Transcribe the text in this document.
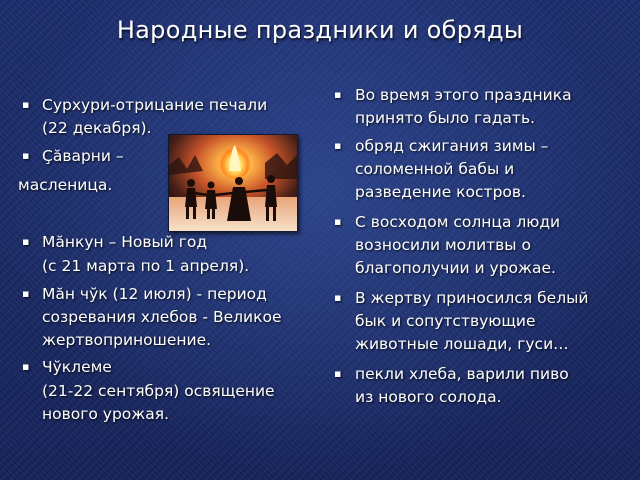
Народные праздники и обряды
▪ Сурхури-отрицание печали
(22 декабря).
▪ Çăварни –
масленица.
▪ Мăнкун – Новый год
(с 21 марта по 1 апреля).
▪ Мăн чўк (12 июля) - период
созревания хлебов - Великое
жертвоприношение.
▪ Чўклеме
(21-22 сентября) освящение
нового урожая.
▪ Во время этого праздника
принято было гадать.
▪ обряд сжигания зимы –
соломенной бабы и
разведение костров.
▪ С восходом солнца люди
возносили молитвы о
благополучии и урожае.
▪ В жертву приносился белый
бык и сопутствующие
животные лошади, гуси…
▪ пекли хлеба, варили пиво
из нового солода.
